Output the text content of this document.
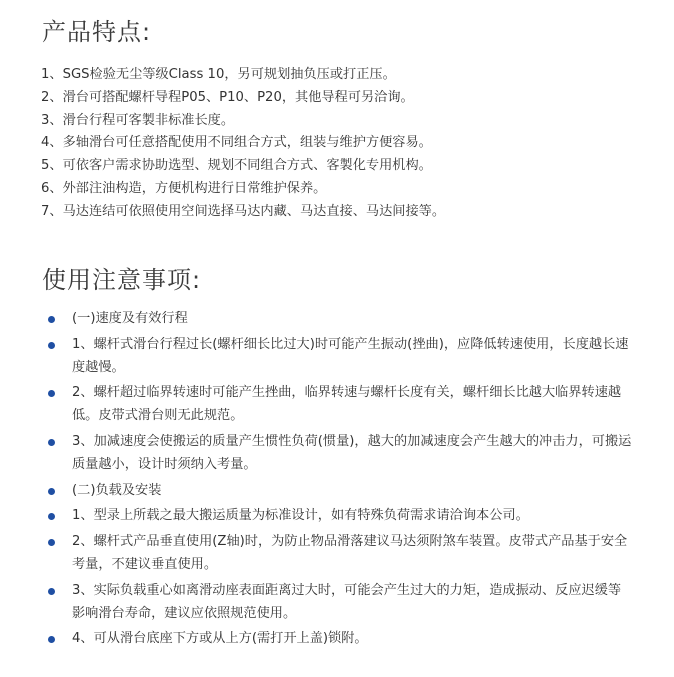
产品特点:
1、SGS检验无尘等级Class 10，另可规划抽负压或打正压。
2、滑台可搭配螺杆导程P05、P10、P20，其他导程可另洽询。
3、滑台行程可客製非标准长度。
4、多轴滑台可任意搭配使用不同组合方式，组装与维护方便容易。
5、可依客户需求协助选型、规划不同组合方式、客製化专用机构。
6、外部注油构造，方便机构进行日常维护保养。
7、马达连结可依照使用空间选择马达内藏、马达直接、马达间接等。
使用注意事项:
(一)速度及有效行程
1、螺杆式滑台行程过长(螺杆细长比过大)时可能产生振动(挫曲)，应降低转速使用，长度越长速度越慢。
2、螺杆超过临界转速时可能产生挫曲，临界转速与螺杆长度有关，螺杆细长比越大临界转速越低。皮带式滑台则无此规范。
3、加减速度会使搬运的质量产生惯性负荷(惯量)，越大的加减速度会产生越大的冲击力，可搬运质量越小，设计时须纳入考量。
(二)负载及安装
1、型录上所载之最大搬运质量为标准设计，如有特殊负荷需求请洽询本公司。
2、螺杆式产品垂直使用(Z轴)时，为防止物品滑落建议马达须附煞车装置。皮带式产品基于安全考量，不建议垂直使用。
3、实际负载重心如离滑动座表面距离过大时，可能会产生过大的力矩，造成振动、反应迟缓等影响滑台寿命，建议应依照规范使用。
4、可从滑台底座下方或从上方(需打开上盖)锁附。
